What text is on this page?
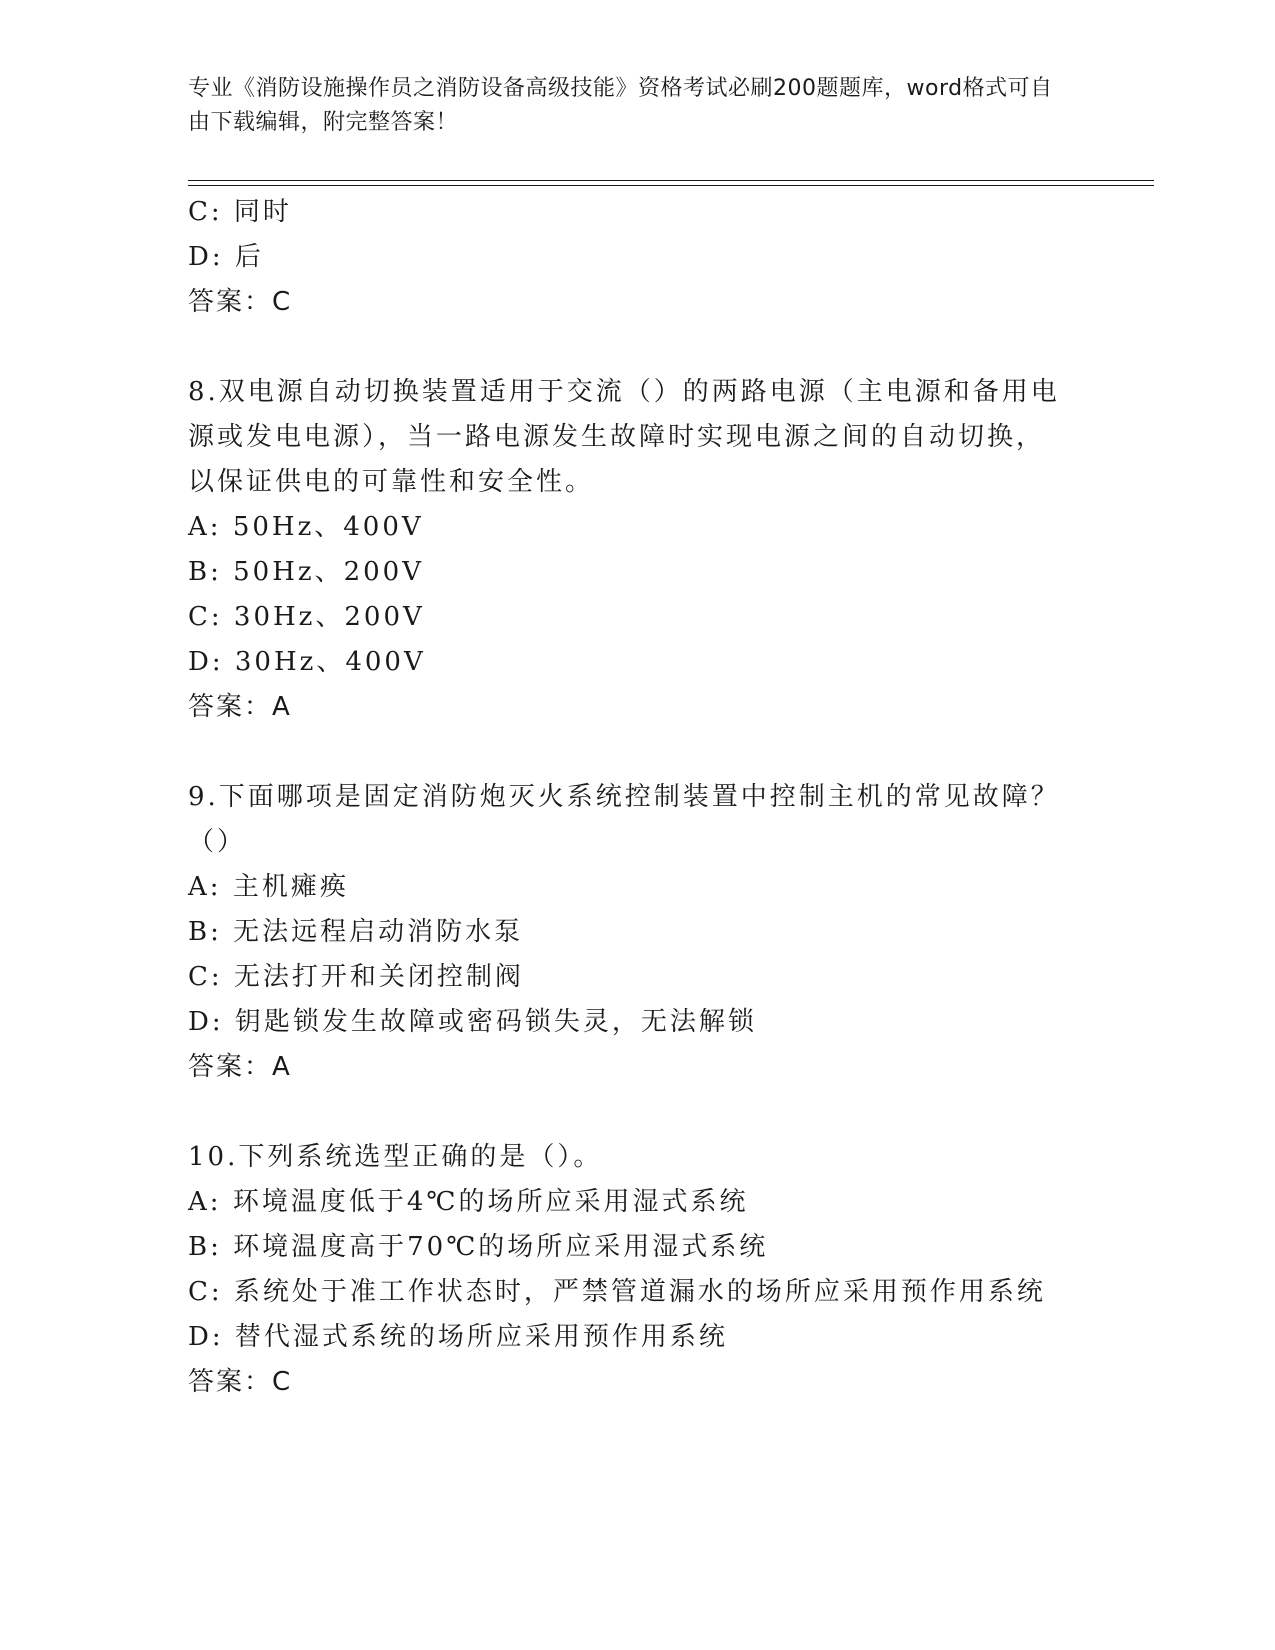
专业《消防设施操作员之消防设备高级技能》资格考试必刷200题题库，word格式可自由下载编辑，附完整答案！
C: 同时
D: 后
答案：C
8.双电源自动切换装置适用于交流（）的两路电源（主电源和备用电
源或发电电源），当一路电源发生故障时实现电源之间的自动切换，
以保证供电的可靠性和安全性。
A: 50Hz、400V
B: 50Hz、200V
C: 30Hz、200V
D: 30Hz、400V
答案：A
9.下面哪项是固定消防炮灭火系统控制装置中控制主机的常见故障？
（）
A: 主机瘫痪
B: 无法远程启动消防水泵
C: 无法打开和关闭控制阀
D: 钥匙锁发生故障或密码锁失灵，无法解锁
答案：A
10.下列系统选型正确的是（）。
A: 环境温度低于4℃的场所应采用湿式系统
B: 环境温度高于70℃的场所应采用湿式系统
C: 系统处于准工作状态时，严禁管道漏水的场所应采用预作用系统
D: 替代湿式系统的场所应采用预作用系统
答案：C
